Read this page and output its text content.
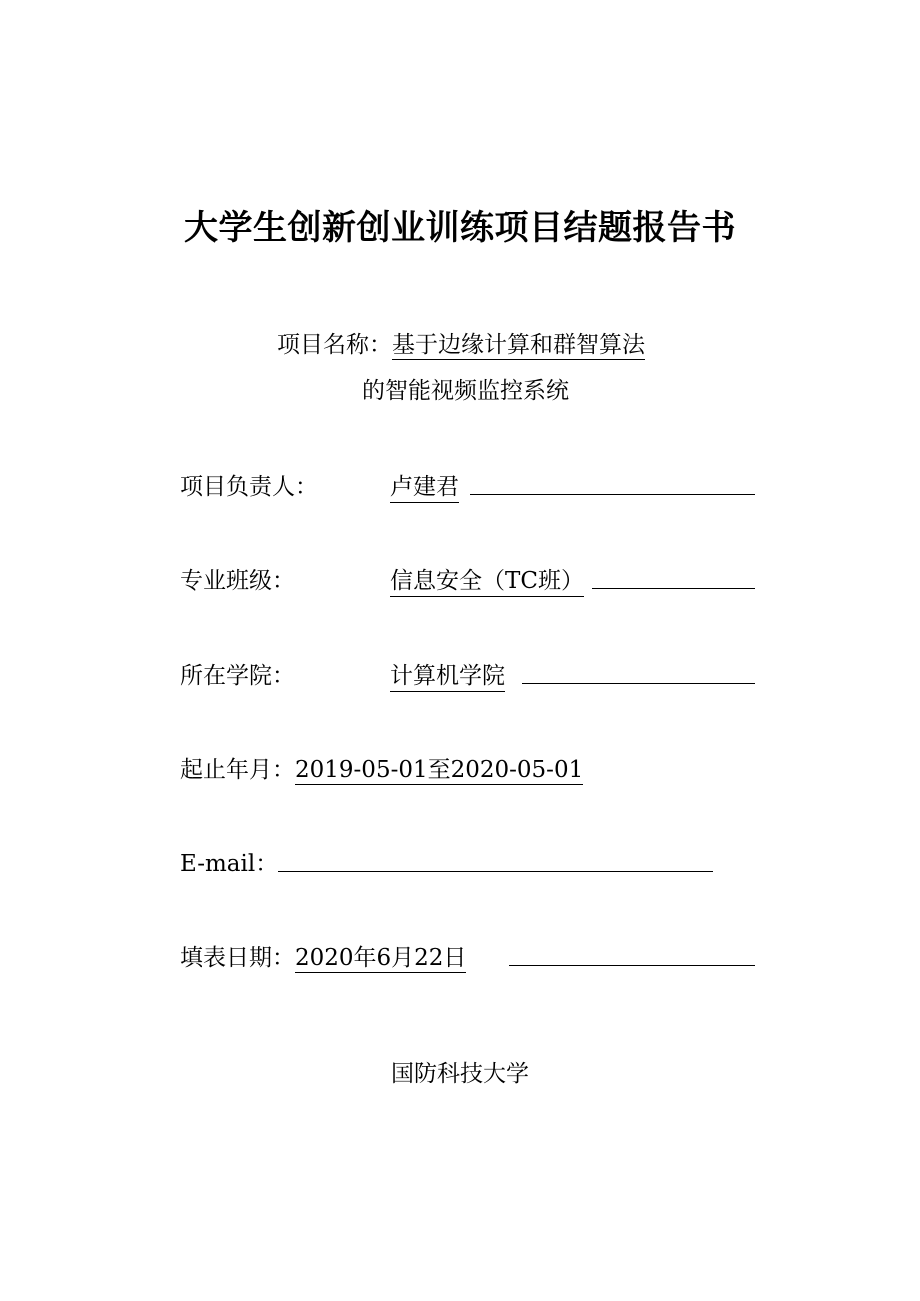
大学生创新创业训练项目结题报告书
项目名称：基于边缘计算和群智算法
的智能视频监控系统
项目负责人：	卢建君
专业班级：	信息安全（TC班）
所在学院：	计算机学院
起止年月：2019-05-01至2020-05-01
E-mail：
填表日期：2020年6月22日
国防科技大学
